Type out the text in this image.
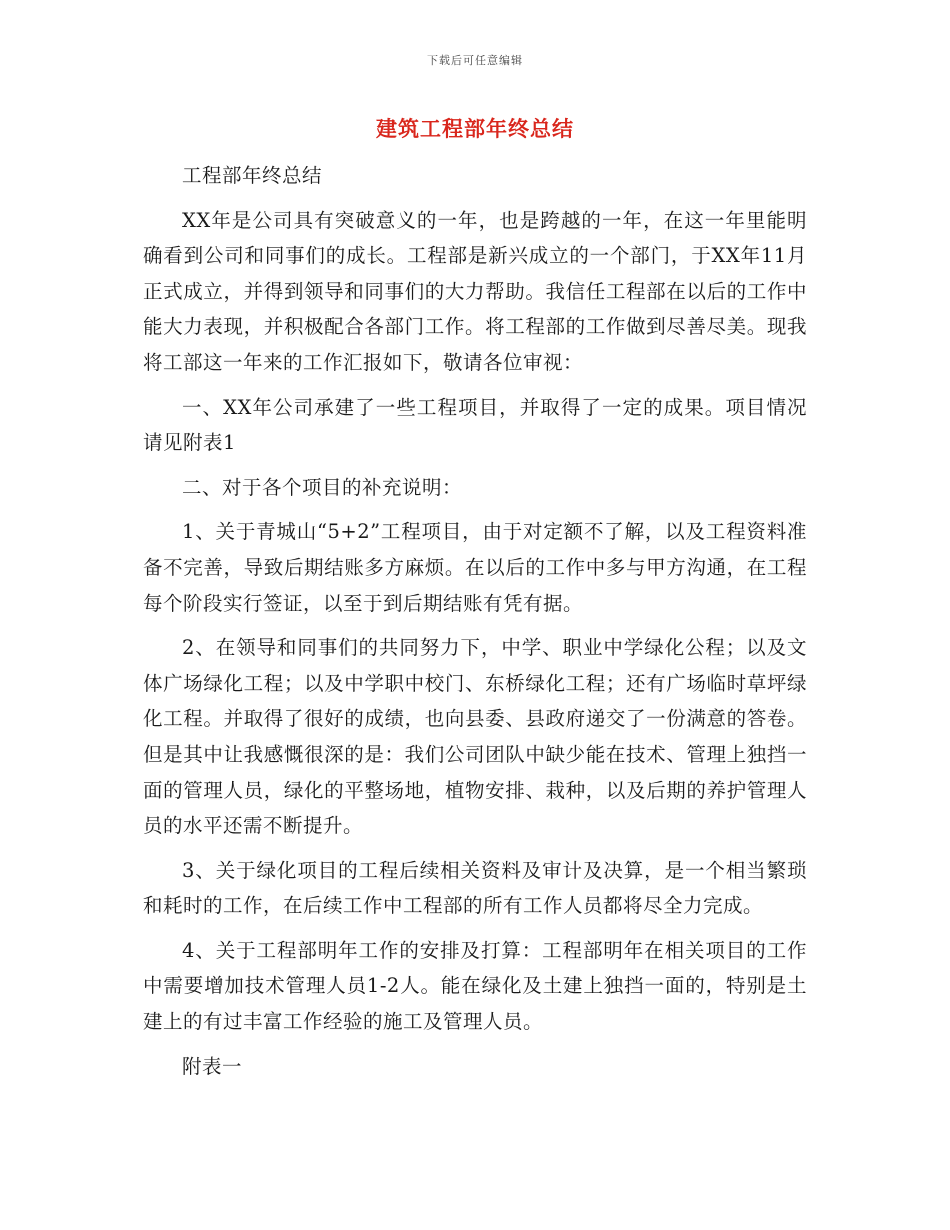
下载后可任意编辑
建筑工程部年终总结

工程部年终总结

XX年是公司具有突破意义的一年，也是跨越的一年，在这一年里能明确看到公司和同事们的成长。工程部是新兴成立的一个部门，于XX年11月正式成立，并得到领导和同事们的大力帮助。我信任工程部在以后的工作中能大力表现，并积极配合各部门工作。将工程部的工作做到尽善尽美。现我将工部这一年来的工作汇报如下，敬请各位审视：

一、XX年公司承建了一些工程项目，并取得了一定的成果。项目情况请见附表1

二、对于各个项目的补充说明：

1、关于青城山“5+2”工程项目，由于对定额不了解，以及工程资料准备不完善，导致后期结账多方麻烦。在以后的工作中多与甲方沟通，在工程每个阶段实行签证，以至于到后期结账有凭有据。

2、在领导和同事们的共同努力下，中学、职业中学绿化公程；以及文体广场绿化工程；以及中学职中校门、东桥绿化工程；还有广场临时草坪绿化工程。并取得了很好的成绩，也向县委、县政府递交了一份满意的答卷。但是其中让我感慨很深的是：我们公司团队中缺少能在技术、管理上独挡一面的管理人员，绿化的平整场地，植物安排、栽种，以及后期的养护管理人员的水平还需不断提升。

3、关于绿化项目的工程后续相关资料及审计及决算，是一个相当繁琐和耗时的工作，在后续工作中工程部的所有工作人员都将尽全力完成。

4、关于工程部明年工作的安排及打算：工程部明年在相关项目的工作中需要增加技术管理人员1-2人。能在绿化及土建上独挡一面的，特别是土建上的有过丰富工作经验的施工及管理人员。

附表一
